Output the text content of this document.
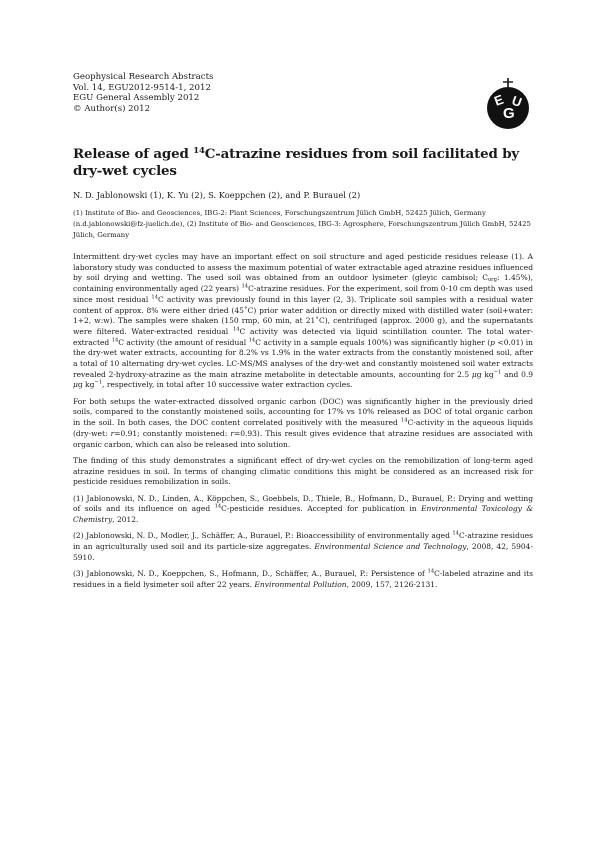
Geophysical Research Abstracts
Vol. 14, EGU2012-9514-1, 2012
EGU General Assembly 2012
© Author(s) 2012
E
G
U
Release of aged $^{14}$C-atrazine residues from soil facilitated by dry-wet cycles
N. D. Jablonowski (1), K. Yu (2), S. Koeppchen (2), and P. Burauel (2)
(1) Institute of Bio- and Geosciences, IBG-2: Plant Sciences, Forschungszentrum Jülich GmbH, 52425 Jülich, Germany (n.d.jablonowski@fz-juelich.de), (2) Institute of Bio- and Geosciences, IBG-3: Agrosphere, Forschungszentrum Jülich GmbH, 52425 Jülich, Germany

Intermittent dry-wet cycles may have an important effect on soil structure and aged pesticide residues release (1). A laboratory study was conducted to assess the maximum potential of water extractable aged atrazine residues influenced by soil drying and wetting. The used soil was obtained from an outdoor lysimeter (gleyic cambisol; $C_{org}$: 1.45%), containing environmentally aged (22 years) $^{14}$C-atrazine residues. For the experiment, soil from 0-10 cm depth was used since most residual $^{14}$C activity was previously found in this layer (2, 3). Triplicate soil samples with a residual water content of approx. 8% were either dried (45˚C) prior water addition or directly mixed with distilled water (soil+water: 1+2, w:w). The samples were shaken (150 rmp, 60 min, at 21˚C), centrifuged (approx. 2000 g), and the supernatants were filtered. Water-extracted residual $^{14}$C activity was detected via liquid scintillation counter. The total water-extracted $^{14}$C activity (the amount of residual $^{14}$C activity in a sample equals 100%) was significantly higher (p <0.01) in the dry-wet water extracts, accounting for 8.2% vs 1.9% in the water extracts from the constantly moistened soil, after a total of 10 alternating dry-wet cycles. LC-MS/MS analyses of the dry-wet and constantly moistened soil water extracts revealed 2-hydroxy-atrazine as the main atrazine metabolite in detectable amounts, accounting for 2.5 μg $kg^{-1}$ and 0.9 μg $kg^{-1}$, respectively, in total after 10 successive water extraction cycles.

For both setups the water-extracted dissolved organic carbon (DOC) was significantly higher in the previously dried soils, compared to the constantly moistened soils, accounting for 17% vs 10% released as DOC of total organic carbon in the soil. In both cases, the DOC content correlated positively with the measured $^{14}$C-activity in the aqueous liquids (dry-wet: r=0.91; constantly moistened: r=0.93). This result gives evidence that atrazine residues are associated with organic carbon, which can also be released into solution.

The finding of this study demonstrates a significant effect of dry-wet cycles on the remobilization of long-term aged atrazine residues in soil. In terms of changing climatic conditions this might be considered as an increased risk for pesticide residues remobilization in soils.

(1) Jablonowski, N. D., Linden, A., Köppchen, S., Goebbels, D., Thiele, B., Hofmann, D., Burauel, P.: Drying and wetting of soils and its influence on aged $^{14}$C-pesticide residues. Accepted for publication in Environmental Toxicology & Chemistry, 2012.

(2) Jablonowski, N. D., Modler, J., Schäffer, A., Burauel, P.: Bioaccessibility of environmentally aged $^{14}$C-atrazine residues in an agriculturally used soil and its particle-size aggregates. Environmental Science and Technology, 2008, 42, 5904-5910.

(3) Jablonowski, N. D., Koeppchen, S., Hofmann, D., Schäffer, A., Burauel, P.: Persistence of $^{14}$C-labeled atrazine and its residues in a field lysimeter soil after 22 years. Environmental Pollution, 2009, 157, 2126-2131.
